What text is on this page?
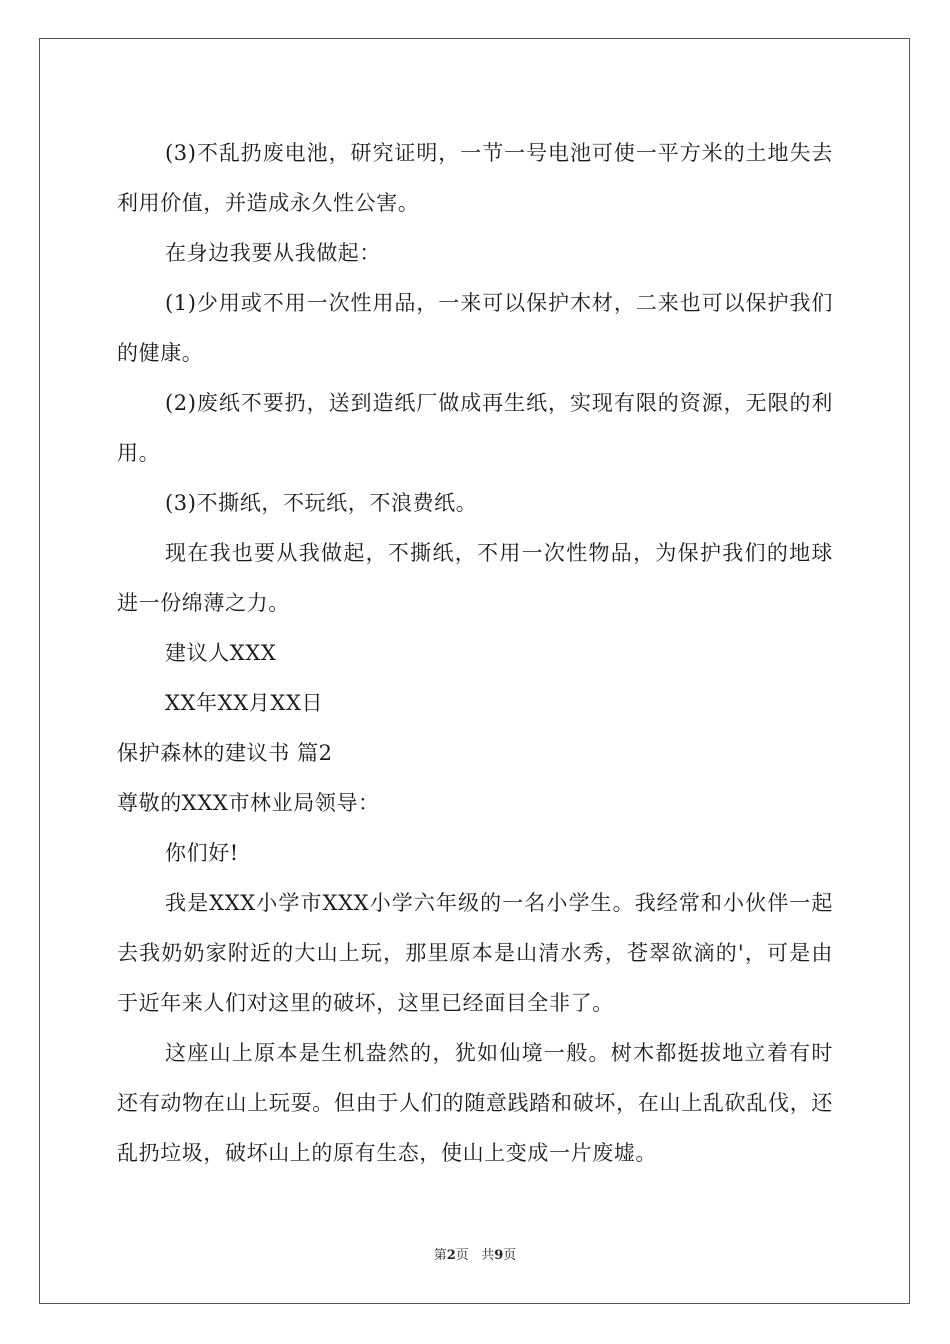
(3)不乱扔废电池，研究证明，一节一号电池可使一平方米的土地失去利用价值，并造成永久性公害。

在身边我要从我做起：

(1)少用或不用一次性用品，一来可以保护木材，二来也可以保护我们的健康。

(2)废纸不要扔，送到造纸厂做成再生纸，实现有限的资源，无限的利用。

(3)不撕纸，不玩纸，不浪费纸。

现在我也要从我做起，不撕纸，不用一次性物品，为保护我们的地球进一份绵薄之力。

建议人XXX

XX年XX月XX日

保护森林的建议书 篇2

尊敬的XXX市林业局领导：

你们好!

我是XXX小学市XXX小学六年级的一名小学生。我经常和小伙伴一起去我奶奶家附近的大山上玩，那里原本是山清水秀，苍翠欲滴的'，可是由于近年来人们对这里的破坏，这里已经面目全非了。

这座山上原本是生机盎然的，犹如仙境一般。树木都挺拔地立着有时还有动物在山上玩耍。但由于人们的随意践踏和破坏，在山上乱砍乱伐，还乱扔垃圾，破坏山上的原有生态，使山上变成一片废墟。

第2页 共9页
